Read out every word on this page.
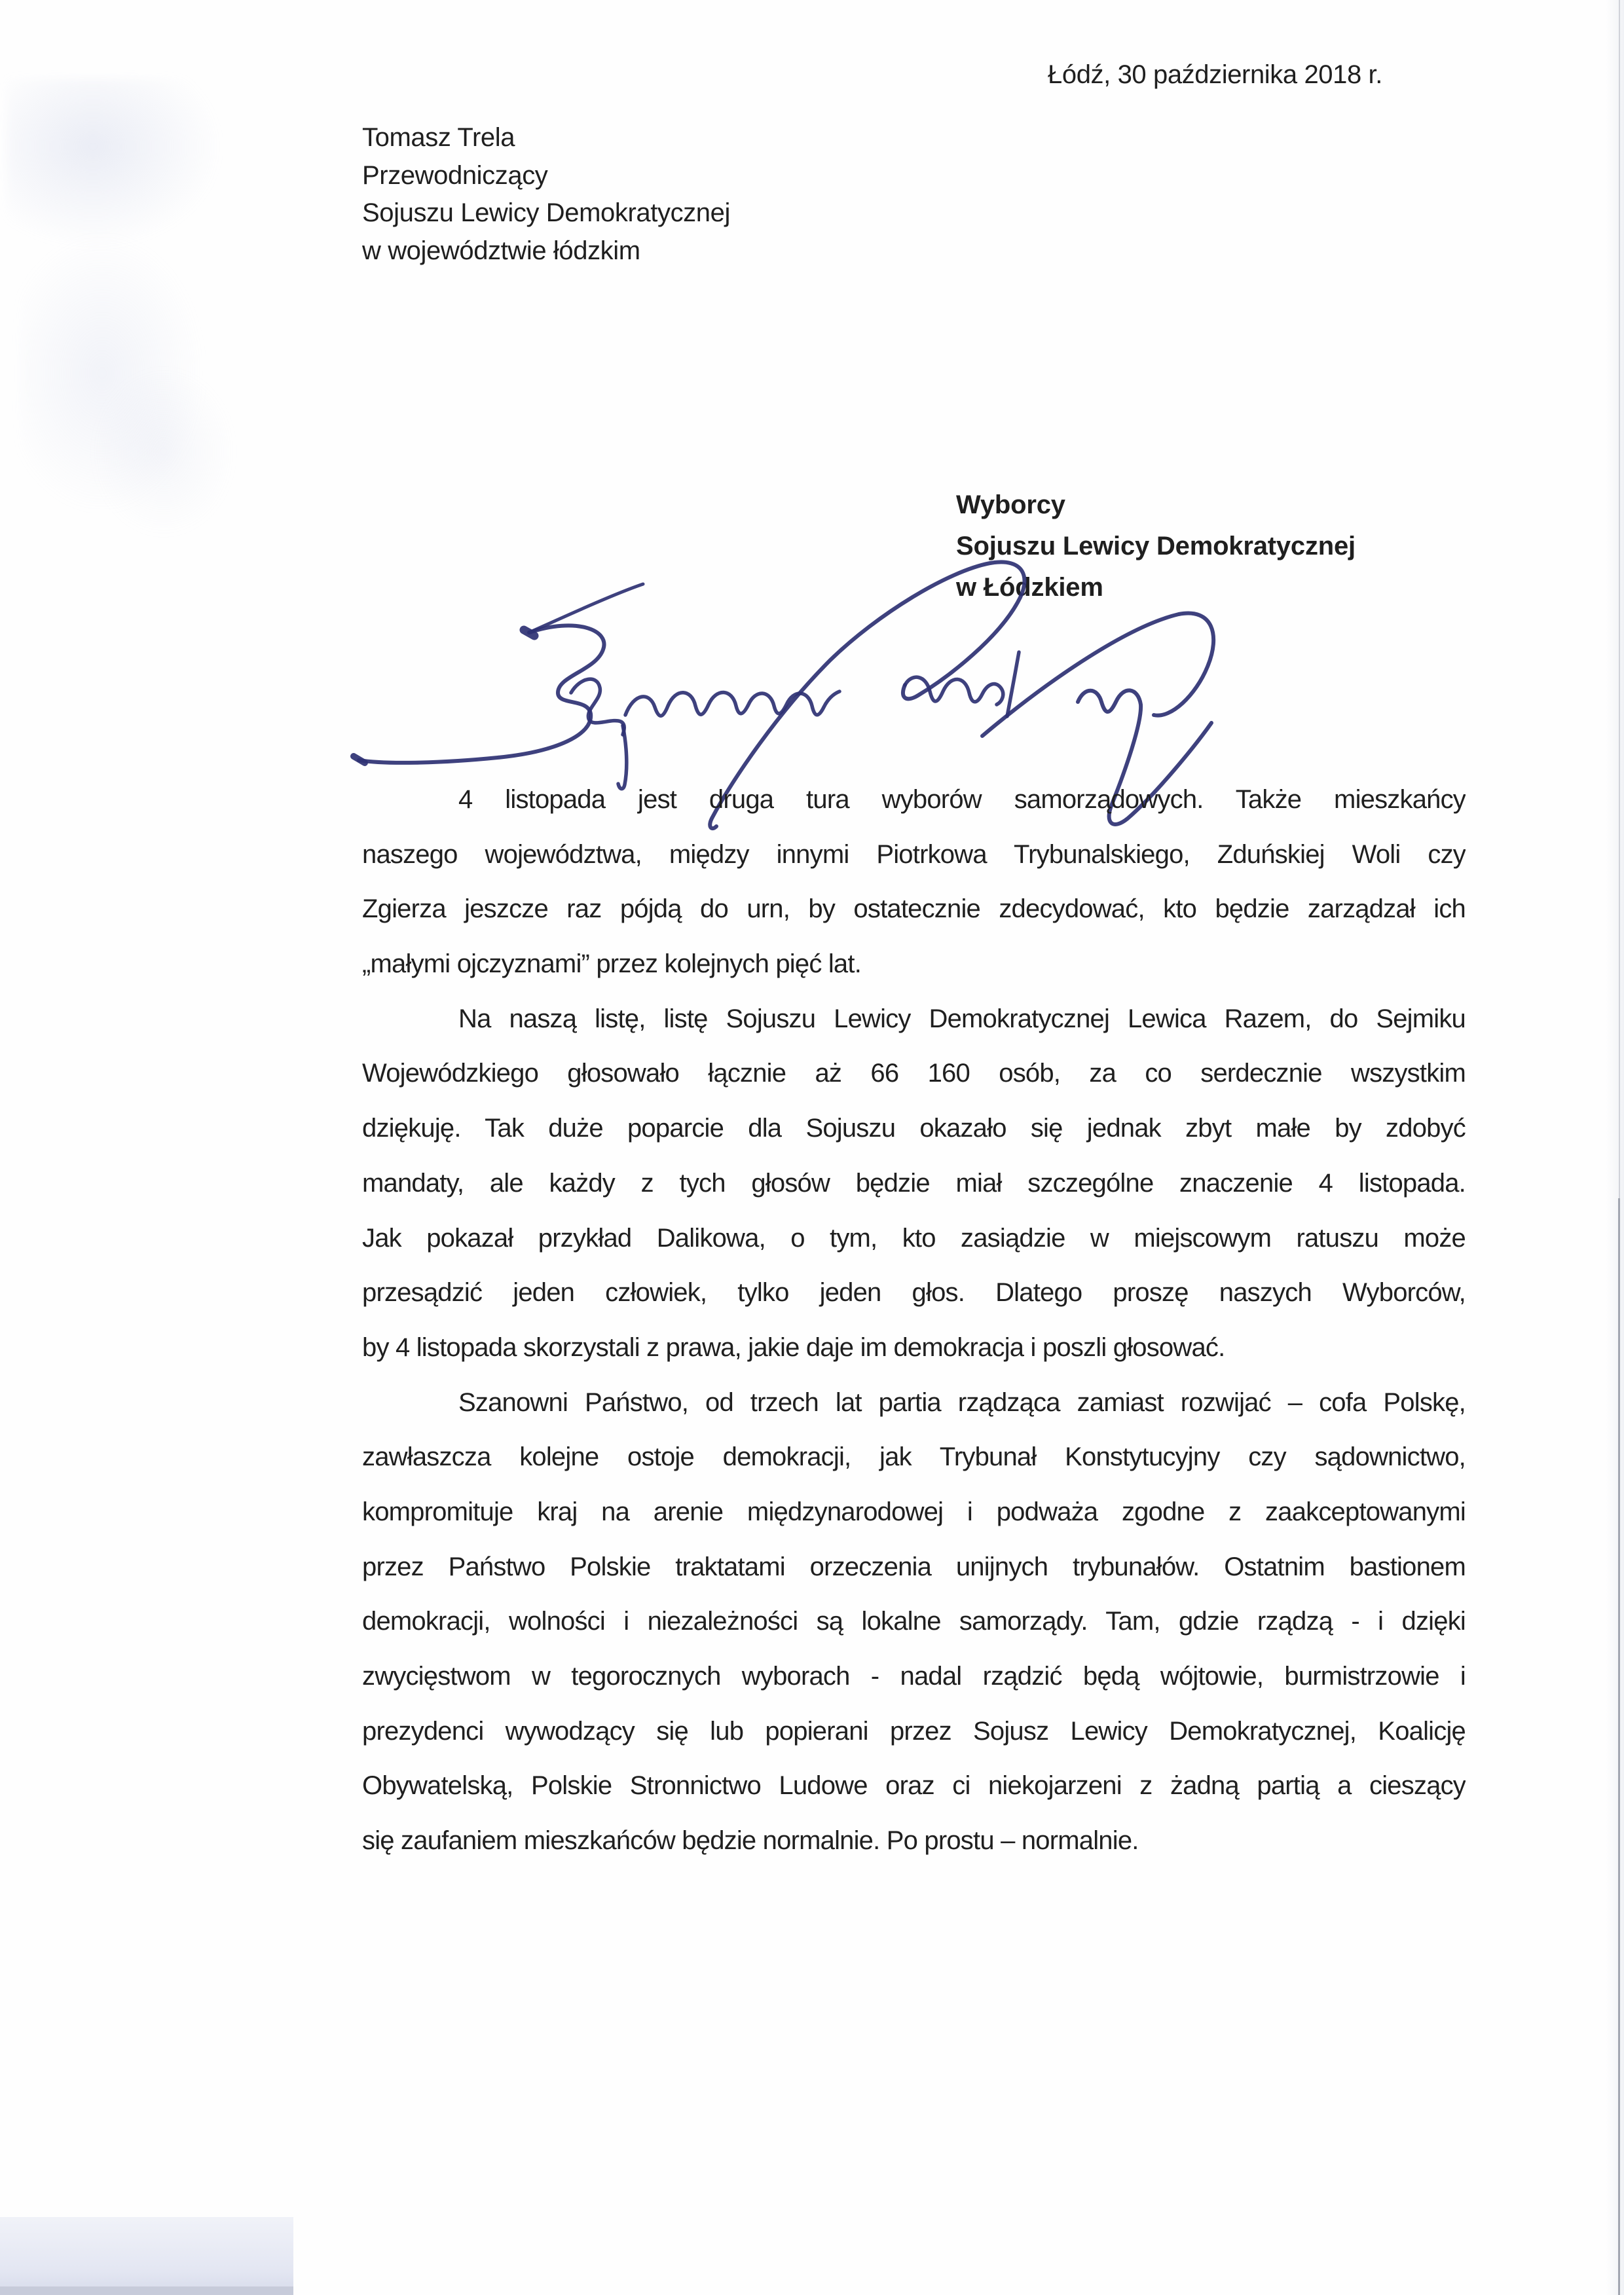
Łódź, 30 października 2018 r.
Tomasz Trela
Przewodniczący
Sojuszu Lewicy Demokratycznej
w województwie łódzkim
Wyborcy
Sojuszu Lewicy Demokratycznej
w Łódzkiem
4 listopada jest druga tura wyborów samorządowych. Także mieszkańcy
naszego województwa, między innymi Piotrkowa Trybunalskiego, Zduńskiej Woli czy
Zgierza jeszcze raz pójdą do urn, by ostatecznie zdecydować, kto będzie zarządzał ich
„małymi ojczyznami” przez kolejnych pięć lat.
Na naszą listę, listę Sojuszu Lewicy Demokratycznej Lewica Razem, do Sejmiku
Wojewódzkiego głosowało łącznie aż 66 160 osób, za co serdecznie wszystkim
dziękuję. Tak duże poparcie dla Sojuszu okazało się jednak zbyt małe by zdobyć
mandaty, ale każdy z tych głosów będzie miał szczególne znaczenie 4 listopada.
Jak pokazał przykład Dalikowa, o tym, kto zasiądzie w miejscowym ratuszu może
przesądzić jeden człowiek, tylko jeden głos. Dlatego proszę naszych Wyborców,
by 4 listopada skorzystali z prawa, jakie daje im demokracja i poszli głosować.
Szanowni Państwo, od trzech lat partia rządząca zamiast rozwijać – cofa Polskę,
zawłaszcza kolejne ostoje demokracji, jak Trybunał Konstytucyjny czy sądownictwo,
kompromituje kraj na arenie międzynarodowej i podważa zgodne z zaakceptowanymi
przez Państwo Polskie traktatami orzeczenia unijnych trybunałów. Ostatnim bastionem
demokracji, wolności i niezależności są lokalne samorządy. Tam, gdzie rządzą - i dzięki
zwycięstwom w tegorocznych wyborach - nadal rządzić będą wójtowie, burmistrzowie i
prezydenci wywodzący się lub popierani przez Sojusz Lewicy Demokratycznej, Koalicję
Obywatelską, Polskie Stronnictwo Ludowe oraz ci niekojarzeni z żadną partią a cieszący
się zaufaniem mieszkańców będzie normalnie. Po prostu – normalnie.
